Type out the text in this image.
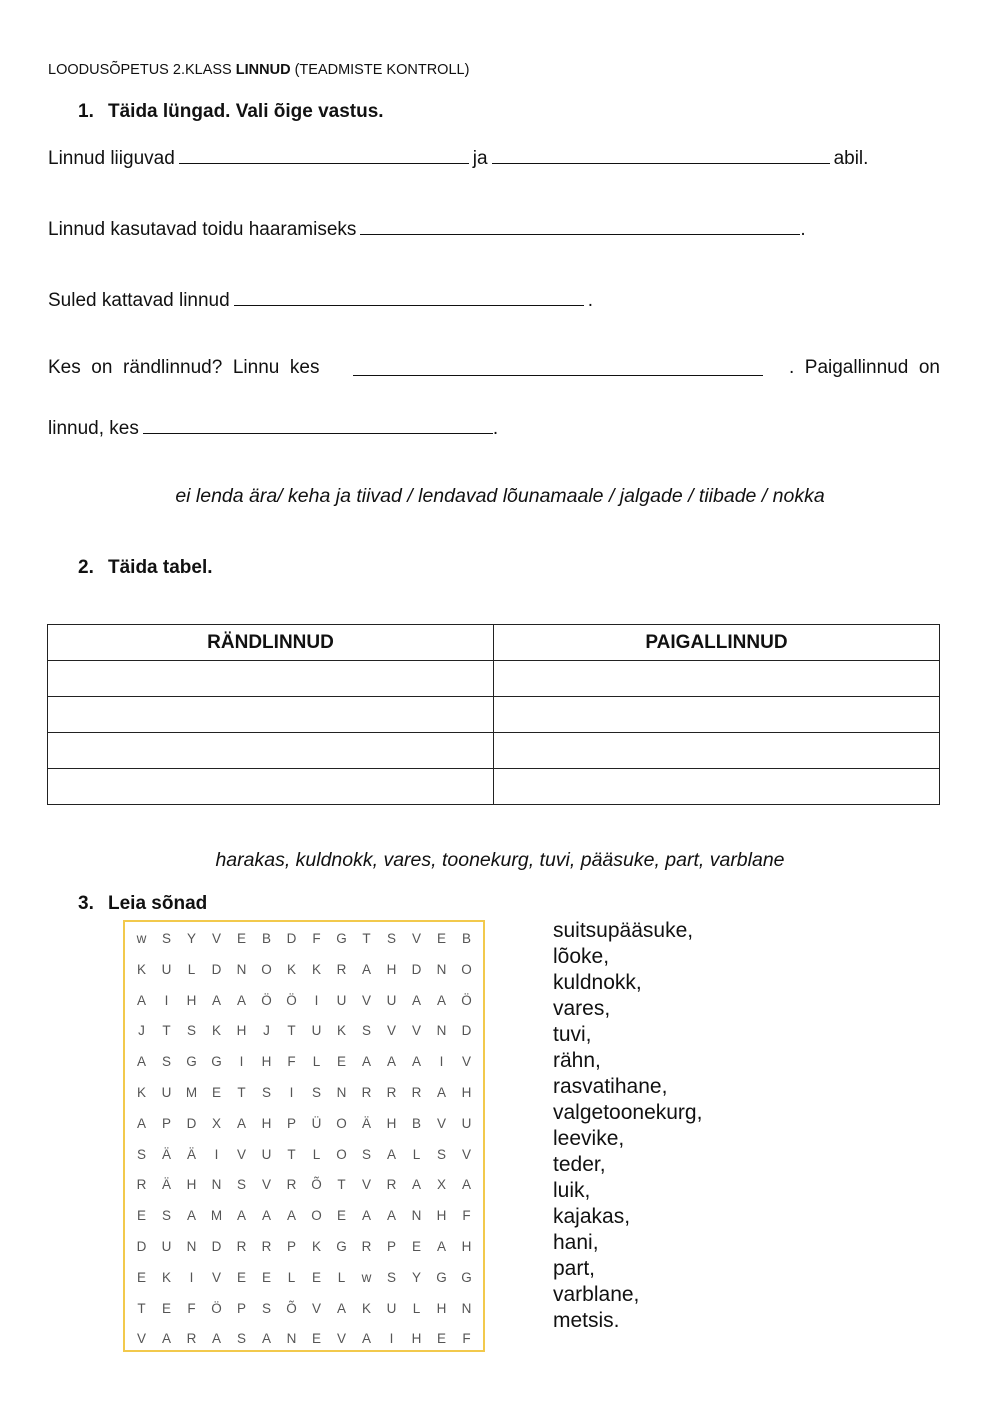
LOODUSÕPETUS 2.KLASS LINNUD (TEADMISTE KONTROLL)
1. Täida lüngad. Vali õige vastus.
Linnud liiguvad	ja	abil.
Linnud kasutavad toidu haaramiseks	.
Suled kattavad linnud	.
Kes  on  rändlinnud?  Linnu  kes	.  Paigallinnud  on
linnud, kes	.
ei lenda ära/ keha ja tiivad / lendavad lõunamaale / jalgade / tiibade / nokka
2. Täida tabel.
RÄNDLINNUD	PAIGALLINNUD

harakas, kuldnokk, vares, toonekurg, tuvi, pääsuke, part, varblane
3. Leia sõnad
w	S	Y	V	E	B	D	F	G	T	S	V	E	B
K	U	L	D	N	O	K	K	R	A	H	D	N	O
A	I	H	A	A	Ö	Ö	I	U	V	U	A	A	Ö
J	T	S	K	H	J	T	U	K	S	V	V	N	D
A	S	G	G	I	H	F	L	E	A	A	A	I	V
K	U	M	E	T	S	I	S	N	R	R	R	A	H
A	P	D	X	A	H	P	Ü	O	Ä	H	B	V	U
S	Ä	Ä	I	V	U	T	L	O	S	A	L	S	V
R	Ä	H	N	S	V	R	Õ	T	V	R	A	X	A
E	S	A	M	A	A	A	O	E	A	A	N	H	F
D	U	N	D	R	R	P	K	G	R	P	E	A	H
E	K	I	V	E	E	L	E	L	w	S	Y	G	G
T	E	F	Ö	P	S	Õ	V	A	K	U	L	H	N
V	A	R	A	S	A	N	E	V	A	I	H	E	F
suitsupääsuke,
lõoke,
kuldnokk,
vares,
tuvi,
rähn,
rasvatihane,
valgetoonekurg,
leevike,
teder,
luik,
kajakas,
hani,
part,
varblane,
metsis.
